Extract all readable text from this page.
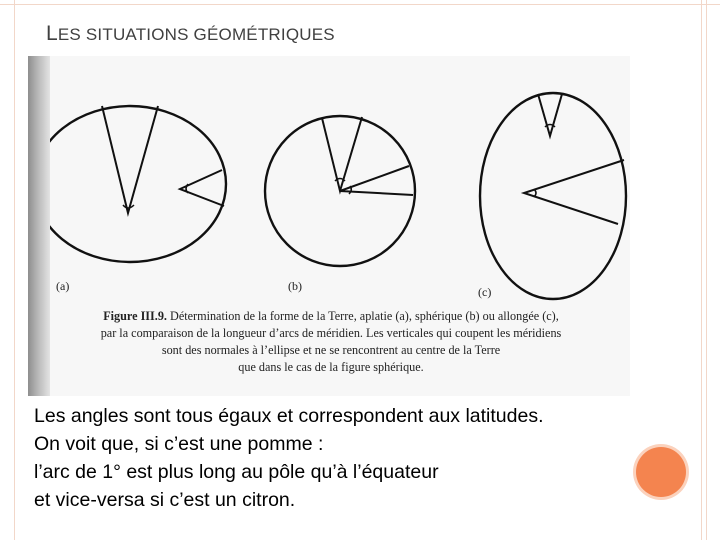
LES SITUATIONS GÉOMÉTRIQUES
(a)	(b)	(c)
Figure III.9. Détermination de la forme de la Terre, aplatie (a), sphérique (b) ou allongée (c),
par la comparaison de la longueur d’arcs de méridien. Les verticales qui coupent les méridiens
sont des normales à l’ellipse et ne se rencontrent au centre de la Terre
que dans le cas de la figure sphérique.
Les angles sont tous égaux et correspondent aux latitudes.
On voit que, si c’est une pomme :
l’arc de 1° est plus long au pôle qu’à l’équateur
et vice-versa si c’est un citron.
